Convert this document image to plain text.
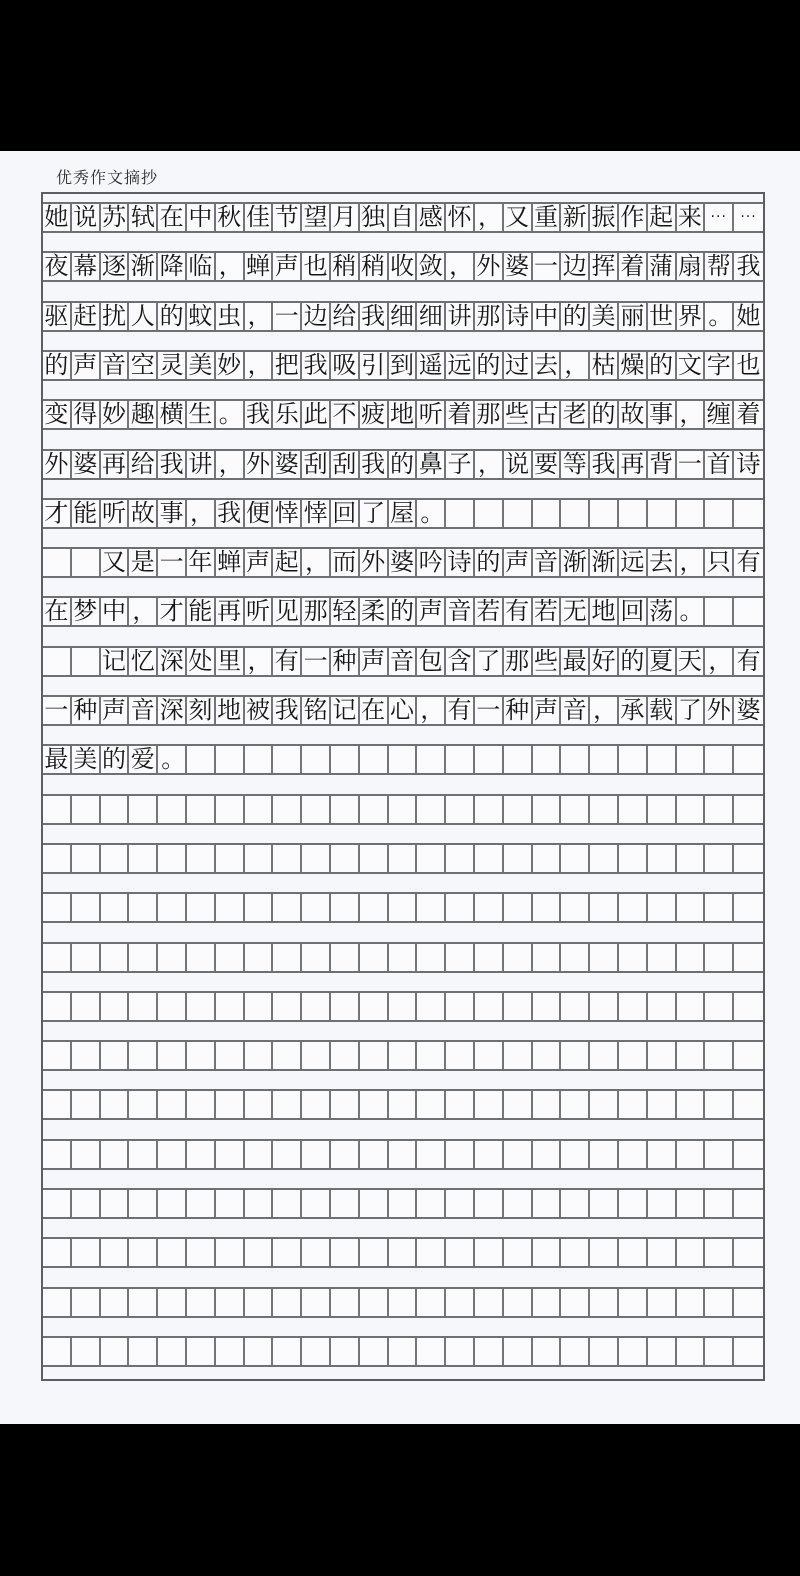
优秀作文摘抄
她 说 苏 轼 在 中 秋 佳 节 望 月 独 自 感 怀 ， 又 重 新 振 作 起 来 ··· ···
夜 幕 逐 渐 降 临 ， 蝉 声 也 稍 稍 收 敛 ， 外 婆 一 边 挥 着 蒲 扇 帮 我
驱 赶 扰 人 的 蚊 虫 ， 一 边 给 我 细 细 讲 那 诗 中 的 美 丽 世 界 。 她
的 声 音 空 灵 美 妙 ， 把 我 吸 引 到 遥 远 的 过 去 ， 枯 燥 的 文 字 也
变 得 妙 趣 横 生 。 我 乐 此 不 疲 地 听 着 那 些 古 老 的 故 事 ， 缠 着
外 婆 再 给 我 讲 ， 外 婆 刮 刮 我 的 鼻 子 ， 说 要 等 我 再 背 一 首 诗
才 能 听 故 事 ， 我 便 悻 悻 回 了 屋 。
又 是 一 年 蝉 声 起 ， 而 外 婆 吟 诗 的 声 音 渐 渐 远 去 ， 只 有
在 梦 中 ， 才 能 再 听 见 那 轻 柔 的 声 音 若 有 若 无 地 回 荡 。
记 忆 深 处 里 ， 有 一 种 声 音 包 含 了 那 些 最 好 的 夏 天 ， 有
一 种 声 音 深 刻 地 被 我 铭 记 在 心 ， 有 一 种 声 音 ， 承 载 了 外 婆
最 美 的 爱 。
